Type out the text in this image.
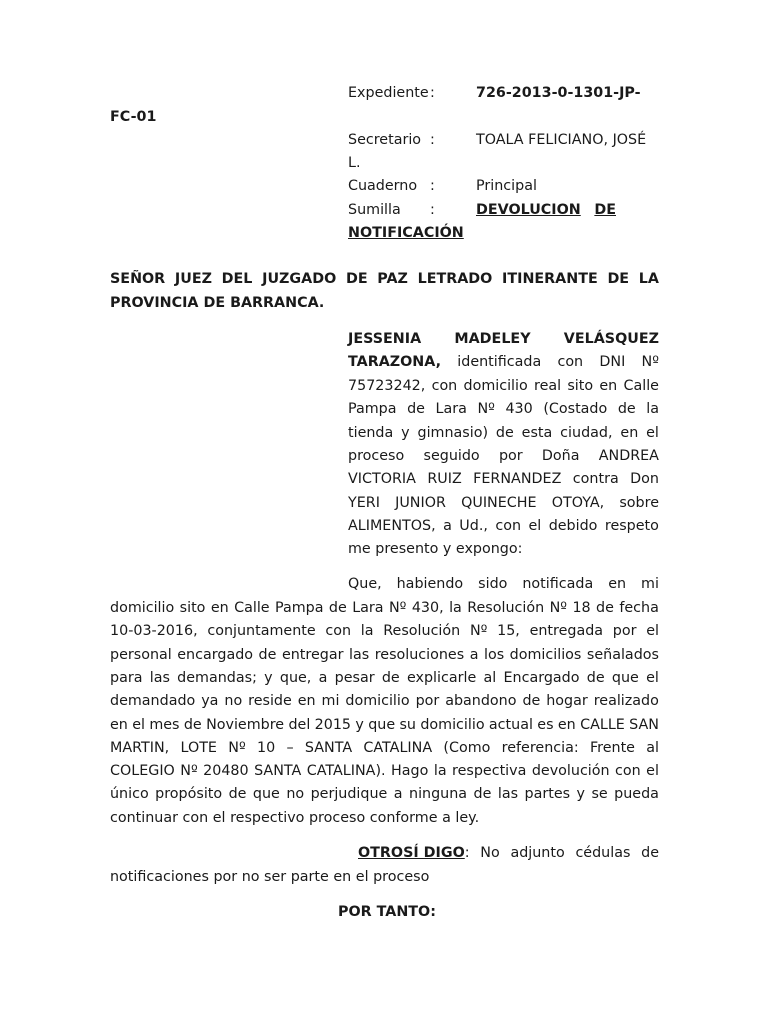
Expediente :	726-2013-0-1301-JP-
FC-01
Secretario :	TOALA FELICIANO, JOSÉ
L.
Cuaderno :	Principal
Sumilla :	DEVOLUCION DE
NOTIFICACIÓN
SEÑOR JUEZ DEL JUZGADO DE PAZ LETRADO ITINERANTE DE LA
PROVINCIA DE BARRANCA.
JESSENIA MADELEY VELÁSQUEZ
TARAZONA, identificada con DNI Nº
75723242, con domicilio real sito en Calle
Pampa de Lara Nº 430 (Costado de la
tienda y gimnasio) de esta ciudad, en el
proceso seguido por Doña ANDREA
VICTORIA RUIZ FERNANDEZ contra Don
YERI JUNIOR QUINECHE OTOYA, sobre
ALIMENTOS, a Ud., con el debido respeto
me presento y expongo:
Que, habiendo sido notificada en mi
domicilio sito en Calle Pampa de Lara Nº 430, la Resolución Nº 18 de fecha
10-03-2016, conjuntamente con la Resolución Nº 15, entregada por el
personal encargado de entregar las resoluciones a los domicilios señalados
para las demandas; y que, a pesar de explicarle al Encargado de que el
demandado ya no reside en mi domicilio por abandono de hogar realizado
en el mes de Noviembre del 2015 y que su domicilio actual es en CALLE SAN
MARTIN, LOTE Nº 10 – SANTA CATALINA (Como referencia: Frente al
COLEGIO Nº 20480 SANTA CATALINA). Hago la respectiva devolución con el
único propósito de que no perjudique a ninguna de las partes y se pueda
continuar con el respectivo proceso conforme a ley.
OTROSÍ DIGO: No adjunto cédulas de
notificaciones por no ser parte en el proceso
POR TANTO:
